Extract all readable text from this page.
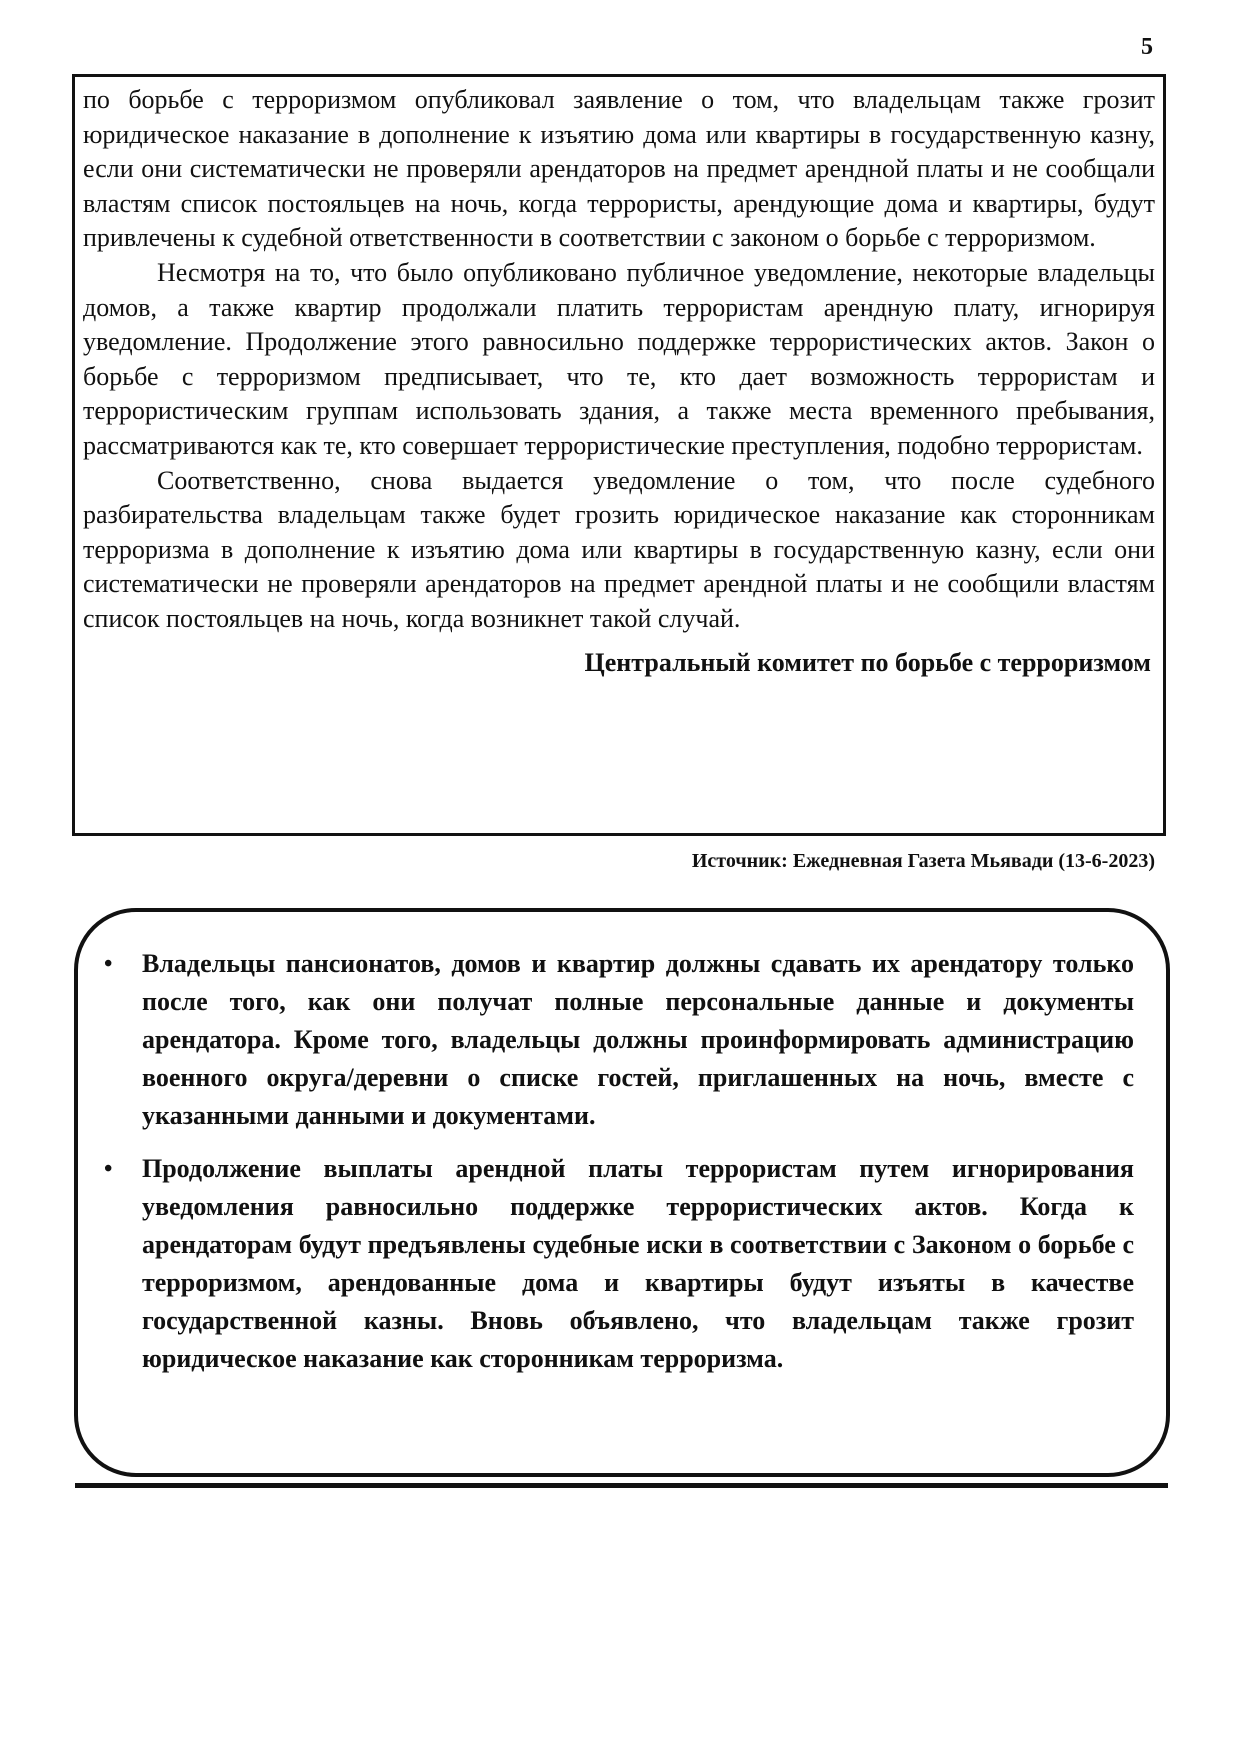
5

по борьбе с терроризмом опубликовал заявление о том, что владельцам также грозит юридическое наказание в дополнение к изъятию дома или квартиры в государственную казну, если они систематически не проверяли арендаторов на предмет арендной платы и не сообщали властям список постояльцев на ночь, когда террористы, арендующие дома и квартиры, будут привлечены к судебной ответственности в соответствии с законом о борьбе с терроризмом.

Несмотря на то, что было опубликовано публичное уведомление, некоторые владельцы домов, а также квартир продолжали платить террористам арендную плату, игнорируя уведомление. Продолжение этого равносильно поддержке террористических актов. Закон о борьбе с терроризмом предписывает, что те, кто дает возможность террористам и террористическим группам использовать здания, а также места временного пребывания, рассматриваются как те, кто совершает террористические преступления, подобно террористам.

Соответственно, снова выдается уведомление о том, что после судебного разбирательства владельцам также будет грозить юридическое наказание как сторонникам терроризма в дополнение к изъятию дома или квартиры в государственную казну, если они систематически не проверяли арендаторов на предмет арендной платы и не сообщили властям список постояльцев на ночь, когда возникнет такой случай.

Центральный комитет по борьбе с терроризмом
Источник: Ежедневная Газета Мьявади (13-6-2023)
• Владельцы пансионатов, домов и квартир должны сдавать их арендатору только после того, как они получат полные персональные данные и документы арендатора. Кроме того, владельцы должны проинформировать администрацию военного округа/деревни о списке гостей, приглашенных на ночь, вместе с указанными данными и документами.
• Продолжение выплаты арендной платы террористам путем игнорирования уведомления равносильно поддержке террористических актов. Когда к арендаторам будут предъявлены судебные иски в соответствии с Законом о борьбе с терроризмом, арендованные дома и квартиры будут изъяты в качестве государственной казны. Вновь объявлено, что владельцам также грозит юридическое наказание как сторонникам терроризма.
